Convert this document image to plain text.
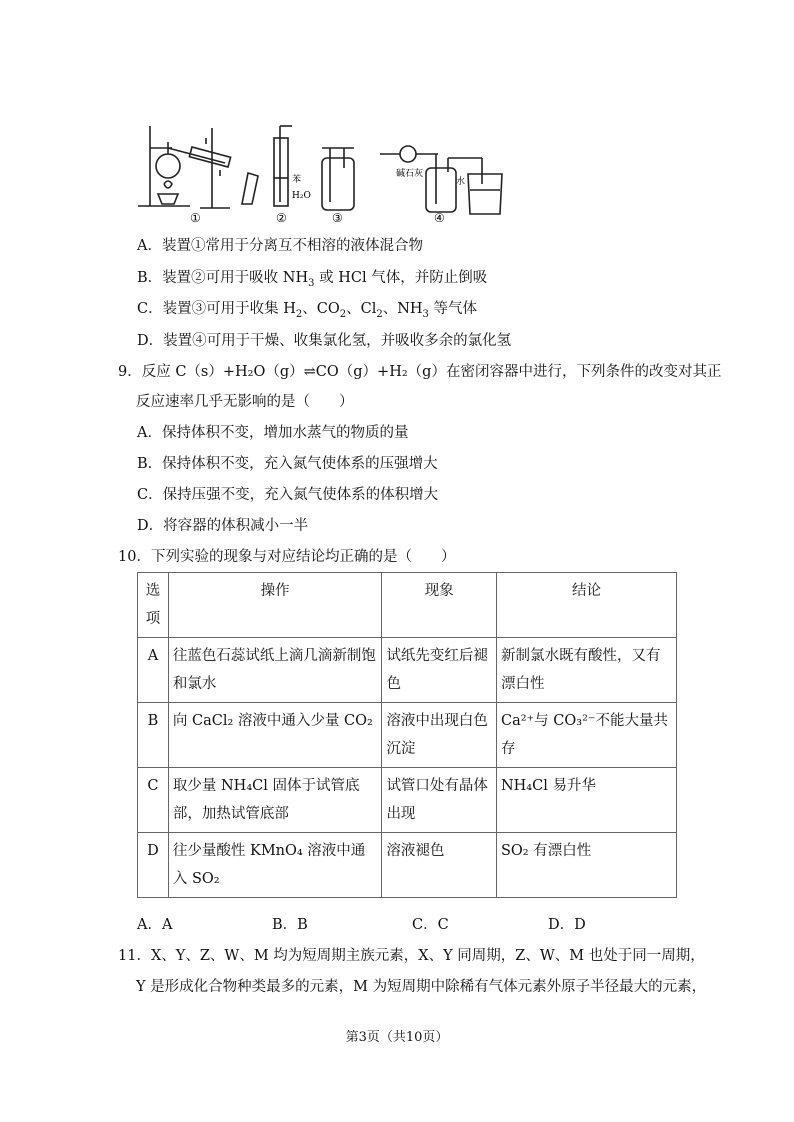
①	②	③	④
苯
H₂O
碱石灰
水
A．装置①常用于分离互不相溶的液体混合物
B．装置②可用于吸收 $NH_3$ 或 HCl 气体，并防止倒吸
C．装置③可用于收集 $H_2$、$CO_2$、$Cl_2$、$NH_3$ 等气体
D．装置④可用于干燥、收集氯化氢，并吸收多余的氯化氢
9．反应 C（s）+H₂O（g）⇌CO（g）+H₂（g）在密闭容器中进行，下列条件的改变对其正
反应速率几乎无影响的是（　　）
A．保持体积不变，增加水蒸气的物质的量
B．保持体积不变，充入氮气使体系的压强增大
C．保持压强不变，充入氮气使体系的体积增大
D．将容器的体积减小一半
10．下列实验的现象与对应结论均正确的是（　　）
选项	操作	现象	结论
A	往蓝色石蕊试纸上滴几滴新制饱和氯水	试纸先变红后褪色	新制氯水既有酸性，又有漂白性
B	向 CaCl₂ 溶液中通入少量 CO₂	溶液中出现白色沉淀	Ca²⁺与 CO₃²⁻不能大量共存
C	取少量 NH₄Cl 固体于试管底部，加热试管底部	试管口处有晶体出现	NH₄Cl 易升华
D	往少量酸性 KMnO₄ 溶液中通入 SO₂	溶液褪色	SO₂ 有漂白性
A．A	B．B	C．C	D．D
11．X、Y、Z、W、M 均为短周期主族元素，X、Y 同周期，Z、W、M 也处于同一周期，
Y 是形成化合物种类最多的元素，M 为短周期中除稀有气体元素外原子半径最大的元素，
第3页（共10页）
